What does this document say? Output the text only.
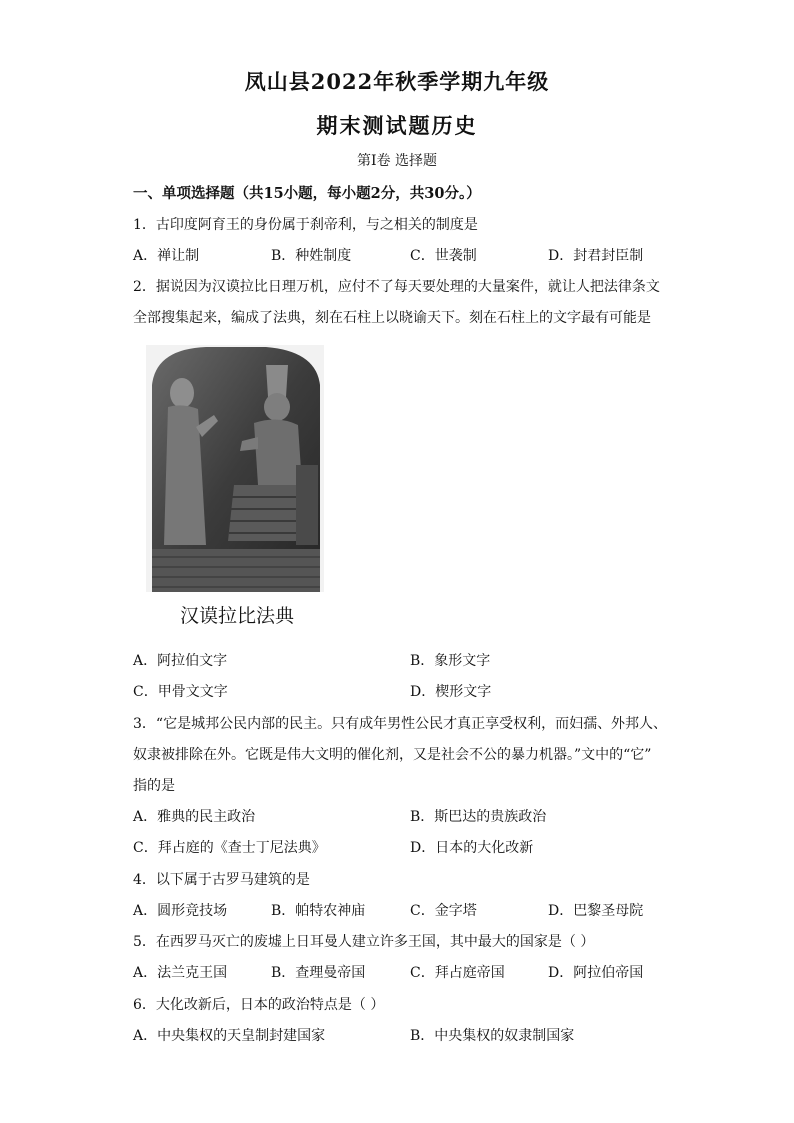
凤山县2022年秋季学期九年级
期末测试题历史
第Ⅰ卷 选择题
一、单项选择题（共15小题，每小题2分，共30分。）
1．古印度阿育王的身份属于刹帝利，与之相关的制度是
A．禅让制	B．种姓制度	C．世袭制	D．封君封臣制
2．据说因为汉谟拉比日理万机，应付不了每天要处理的大量案件，就让人把法律条文
全部搜集起来，编成了法典，刻在石柱上以晓谕天下。刻在石柱上的文字最有可能是
汉谟拉比法典
A．阿拉伯文字	B．象形文字
C．甲骨文文字	D．楔形文字
3．“它是城邦公民内部的民主。只有成年男性公民才真正享受权利，而妇孺、外邦人、
奴隶被排除在外。它既是伟大文明的催化剂，又是社会不公的暴力机器。”文中的“它”
指的是
A．雅典的民主政治	B．斯巴达的贵族政治
C．拜占庭的《查士丁尼法典》	D．日本的大化改新
4．以下属于古罗马建筑的是
A．圆形竞技场	B．帕特农神庙	C．金字塔	D．巴黎圣母院
5．在西罗马灭亡的废墟上日耳曼人建立许多王国，其中最大的国家是（ ）
A．法兰克王国	B．查理曼帝国	C．拜占庭帝国	D．阿拉伯帝国
6．大化改新后，日本的政治特点是（ ）
A．中央集权的天皇制封建国家	B．中央集权的奴隶制国家
